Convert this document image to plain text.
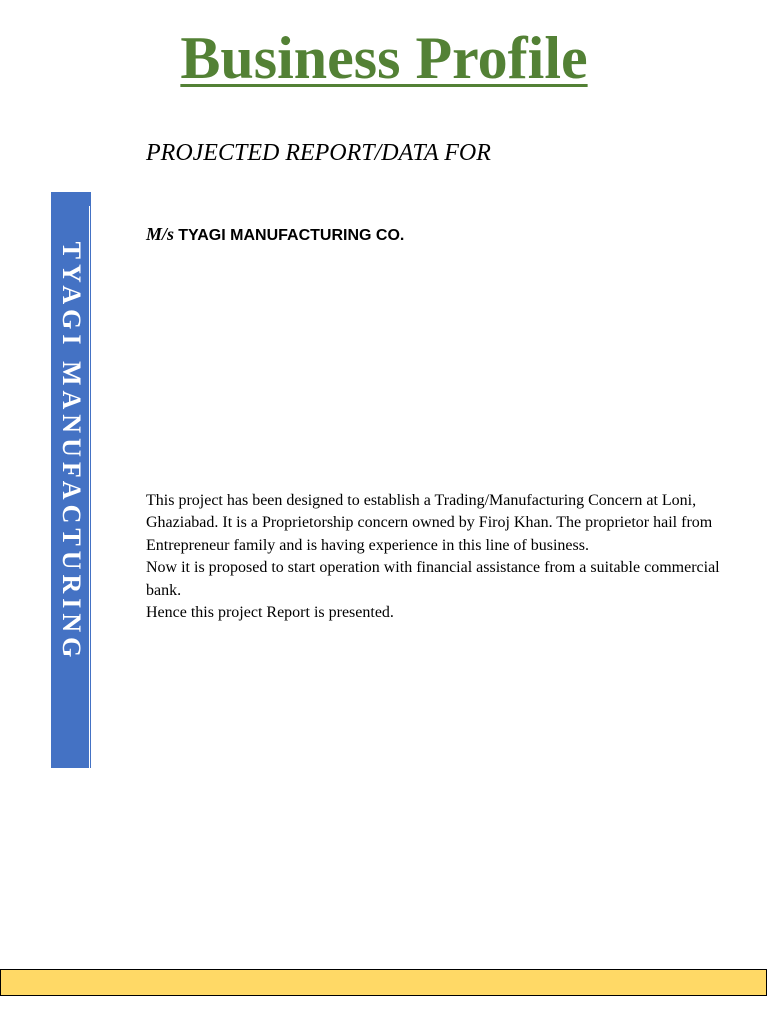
Business Profile
PROJECTED REPORT/DATA FOR
M/s TYAGI MANUFACTURING CO.
TYAGI MANUFACTURING	This project has been designed to establish a Trading/Manufacturing Concern at Loni, Ghaziabad. It is a Proprietorship concern owned by Firoj Khan. The proprietor hail from Entrepreneur family and is having experience in this line of business.

Now it is proposed to start operation with financial assistance from a suitable commercial bank.

Hence this project Report is presented.
